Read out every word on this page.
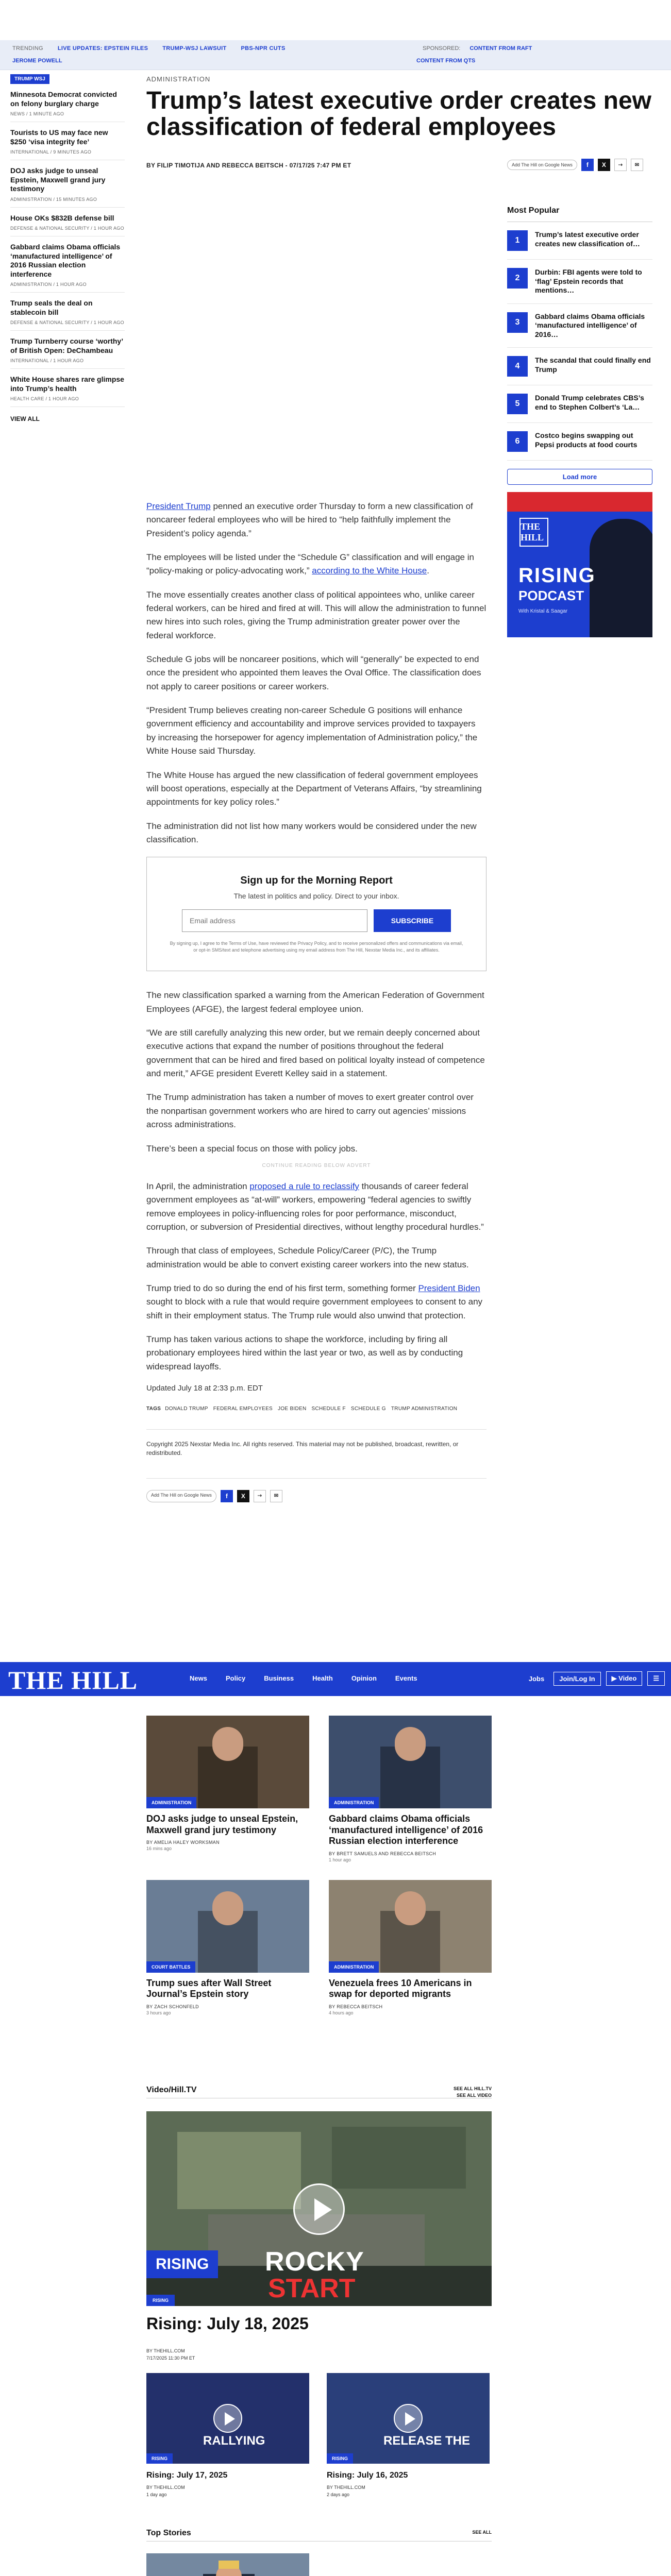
TRENDING	LIVE UPDATES: EPSTEIN FILES	TRUMP-WSJ LAWSUIT	PBS-NPR CUTS
JEROME POWELL
SPONSORED: CONTENT FROM RAFT
CONTENT FROM QTS
TRUMP WSJ
Minnesota Democrat convicted on felony burglary charge
NEWS / 1 MINUTE AGO
Tourists to US may face new $250 ‘visa integrity fee’
INTERNATIONAL / 9 MINUTES AGO
DOJ asks judge to unseal Epstein, Maxwell grand jury testimony
ADMINISTRATION / 15 MINUTES AGO
House OKs $832B defense bill
DEFENSE & NATIONAL SECURITY / 1 HOUR AGO
Gabbard claims Obama officials ‘manufactured intelligence’ of 2016 Russian election interference
ADMINISTRATION / 1 HOUR AGO
Trump seals the deal on stablecoin bill
DEFENSE & NATIONAL SECURITY / 1 HOUR AGO
Trump Turnberry course ‘worthy’ of British Open: DeChambeau
INTERNATIONAL / 1 HOUR AGO
White House shares rare glimpse into Trump’s health
HEALTH CARE / 1 HOUR AGO
VIEW ALL
ADMINISTRATION
Trump’s latest executive order creates new classification of federal employees
BY FILIP TIMOTIJA AND REBECCA BEITSCH - 07/17/25 7:47 PM ET	Add The Hill on Google News	f	X	⇢	✉
Most Popular
1
Trump’s latest executive order creates new classification of…
2
Durbin: FBI agents were told to ‘flag’ Epstein records that mentions…
3
Gabbard claims Obama officials ‘manufactured intelligence’ of 2016…
4
The scandal that could finally end Trump
5
Donald Trump celebrates CBS’s end to Stephen Colbert’s ‘La…
6
Costco begins swapping out Pepsi products at food courts
Load more
THE HILL
RISING
PODCAST
With Kristal & Saagar

President Trump penned an executive order Thursday to form a new classification of noncareer federal employees who will be hired to “help faithfully implement the President’s policy agenda.”

The employees will be listed under the “Schedule G” classification and will engage in “policy-making or policy-advocating work,” according to the White House.

The move essentially creates another class of political appointees who, unlike career federal workers, can be hired and fired at will. This will allow the administration to funnel new hires into such roles, giving the Trump administration greater power over the federal workforce.

Schedule G jobs will be noncareer positions, which will “generally” be expected to end once the president who appointed them leaves the Oval Office. The classification does not apply to career positions or career workers.

“President Trump believes creating non-career Schedule G positions will enhance government efficiency and accountability and improve services provided to taxpayers by increasing the horsepower for agency implementation of Administration policy,” the White House said Thursday.

The White House has argued the new classification of federal government employees will boost operations, especially at the Department of Veterans Affairs, “by streamlining appointments for key policy roles.”

The administration did not list how many workers would be considered under the new classification.

Sign up for the Morning Report
The latest in politics and policy. Direct to your inbox.
Email address
SUBSCRIBE
By signing up, I agree to the Terms of Use, have reviewed the Privacy Policy, and to receive personalized offers and communications via email, or opt-in SMS/text and telephone advertising using my email address from The Hill, Nexstar Media Inc., and its affiliates.

The new classification sparked a warning from the American Federation of Government Employees (AFGE), the largest federal employee union.

“We are still carefully analyzing this new order, but we remain deeply concerned about executive actions that expand the number of positions throughout the federal government that can be hired and fired based on political loyalty instead of competence and merit,” AFGE president Everett Kelley said in a statement.

The Trump administration has taken a number of moves to exert greater control over the nonpartisan government workers who are hired to carry out agencies’ missions across administrations.

There’s been a special focus on those with policy jobs.

CONTINUE READING BELOW ADVERT

In April, the administration proposed a rule to reclassify thousands of career federal government employees as “at-will” workers, empowering “federal agencies to swiftly remove employees in policy-influencing roles for poor performance, misconduct, corruption, or subversion of Presidential directives, without lengthy procedural hurdles.”

Through that class of employees, Schedule Policy/Career (P/C), the Trump administration would be able to convert existing career workers into the new status.

Trump tried to do so during the end of his first term, something former President Biden sought to block with a rule that would require government employees to consent to any shift in their employment status. The Trump rule would also unwind that protection.

Trump has taken various actions to shape the workforce, including by firing all probationary employees hired within the last year or two, as well as by conducting widespread layoffs.

Updated July 18 at 2:33 p.m. EDT
TAGS DONALD TRUMP FEDERAL EMPLOYEES JOE BIDEN SCHEDULE F SCHEDULE G TRUMP ADMINISTRATION
Copyright 2025 Nexstar Media Inc. All rights reserved. This material may not be published, broadcast, rewritten, or redistributed.
Add The Hill on Google News	f	X	⇢	✉
THE HILL	News	Policy	Business	Health	Opinion	Events	Jobs	Join/Log In	▶ Video	☰
ADMINISTRATION
DOJ asks judge to unseal Epstein, Maxwell grand jury testimony
BY AMELIA HALEY WORKSMAN
16 mins ago
ADMINISTRATION
Gabbard claims Obama officials ‘manufactured intelligence’ of 2016 Russian election interference
BY BRETT SAMUELS AND REBECCA BEITSCH
1 hour ago
COURT BATTLES
Trump sues after Wall Street Journal’s Epstein story
BY ZACH SCHONFELD
3 hours ago
ADMINISTRATION
Venezuela frees 10 Americans in swap for deported migrants
BY REBECCA BEITSCH
4 hours ago
Video/Hill.TV	SEE ALL HILL.TV
SEE ALL VIDEO
RISING	ROCKY
START
RISING
Rising: July 18, 2025
BY THEHILL.COM
7/17/2025 11:30 PM ET
RALLYING
RISING
Rising: July 17, 2025
BY THEHILL.COM
1 day ago
RELEASE THE
RISING
Rising: July 16, 2025
BY THEHILL.COM
2 days ago
Top Stories	SEE ALL
